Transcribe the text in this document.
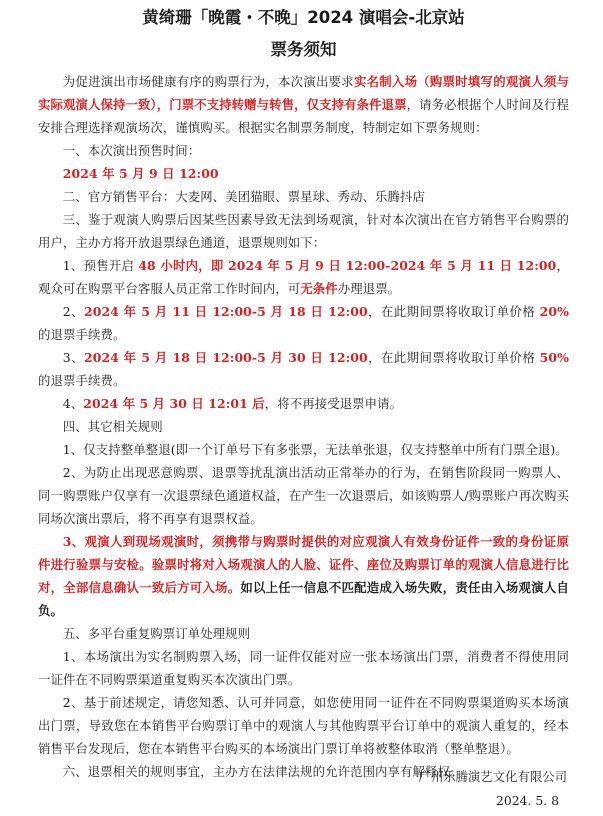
黄绮珊「晚霞・不晚」2024 演唱会-北京站
票务须知

为促进演出市场健康有序的购票行为，本次演出要求实名制入场（购票时填写的观演人须与实际观演人保持一致），门票不支持转赠与转售，仅支持有条件退票，请务必根据个人时间及行程安排合理选择观演场次，谨慎购买。根据实名制票务制度，特制定如下票务规则：

一、本次演出预售时间：

2024 年 5 月 9 日 12:00

二、官方销售平台：大麦网、美团猫眼、票星球、秀动、乐腾抖店

三、鉴于观演人购票后因某些因素导致无法到场观演，针对本次演出在官方销售平台购票的用户，主办方将开放退票绿色通道，退票规则如下：

1、预售开启 48 小时内，即 2024 年 5 月 9 日 12:00-2024 年 5 月 11 日 12:00，观众可在购票平台客服人员正常工作时间内，可无条件办理退票。

2、2024 年 5 月 11 日 12:00-5 月 18 日 12:00，在此期间票将收取订单价格 20%的退票手续费。

3、2024 年 5 月 18 日 12:00-5 月 30 日 12:00，在此期间票将收取订单价格 50%的退票手续费。

4、2024 年 5 月 30 日 12:01 后，将不再接受退票申请。

四、其它相关规则

1、仅支持整单整退(即一个订单号下有多张票，无法单张退，仅支持整单中所有门票全退)。

2、为防止出现恶意购票、退票等扰乱演出活动正常举办的行为，在销售阶段同一购票人、同一购票账户仅享有一次退票绿色通道权益，在产生一次退票后，如该购票人/购票账户再次购买同场次演出票后，将不再享有退票权益。

3、观演人到现场观演时，须携带与购票时提供的对应观演人有效身份证件一致的身份证原件进行验票与安检。验票时将对入场观演人的人脸、证件、座位及购票订单的观演人信息进行比对，全部信息确认一致后方可入场。如以上任一信息不匹配造成入场失败，责任由入场观演人自负。

五、多平台重复购票订单处理规则

1、本场演出为实名制购票入场，同一证件仅能对应一张本场演出门票，消费者不得使用同一证件在不同购票渠道重复购买本次演出门票。

2、基于前述规定，请您知悉、认可并同意，如您使用同一证件在不同购票渠道购买本场演出门票，导致您在本销售平台购票订单中的观演人与其他购票平台订单中的观演人重复的，经本销售平台发现后，您在本销售平台购买的本场演出门票订单将被整体取消（整单整退）。

六、退票相关的规则事宜，主办方在法律法规的允许范围内享有解释权。

广州乐腾演艺文化有限公司
2024. 5. 8
